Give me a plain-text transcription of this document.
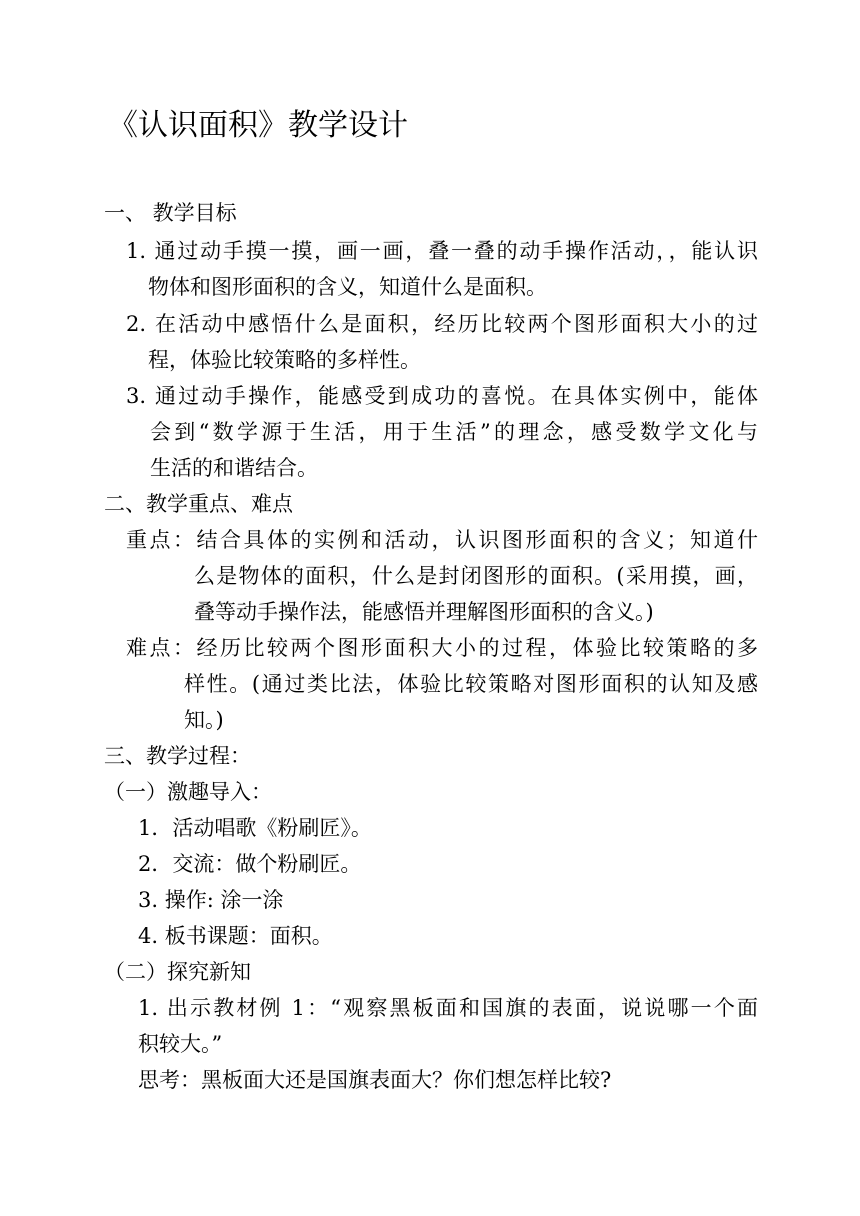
《认识面积》教学设计
一、 教学目标
1. 通过动手摸一摸，画一画，叠一叠的动手操作活动，，能认识
物体和图形面积的含义，知道什么是面积。
2. 在活动中感悟什么是面积，经历比较两个图形面积大小的过
程，体验比较策略的多样性。
3. 通过动手操作，能感受到成功的喜悦。在具体实例中，能体
会到“数学源于生活，用于生活”的理念，感受数学文化与
生活的和谐结合。
二、教学重点、难点
重点：结合具体的实例和活动，认识图形面积的含义；知道什
么是物体的面积，什么是封闭图形的面积。(采用摸，画，
叠等动手操作法，能感悟并理解图形面积的含义。)
难点：经历比较两个图形面积大小的过程，体验比较策略的多
样性。(通过类比法，体验比较策略对图形面积的认知及感
知。)
三、教学过程：
（一）激趣导入：
1．活动唱歌《粉刷匠》。
2．交流：做个粉刷匠。
3. 操作: 涂一涂
4. 板书课题：面积。
（二）探究新知
1. 出示教材例 1：“观察黑板面和国旗的表面，说说哪一个面
积较大。”
思考：黑板面大还是国旗表面大？你们想怎样比较?
